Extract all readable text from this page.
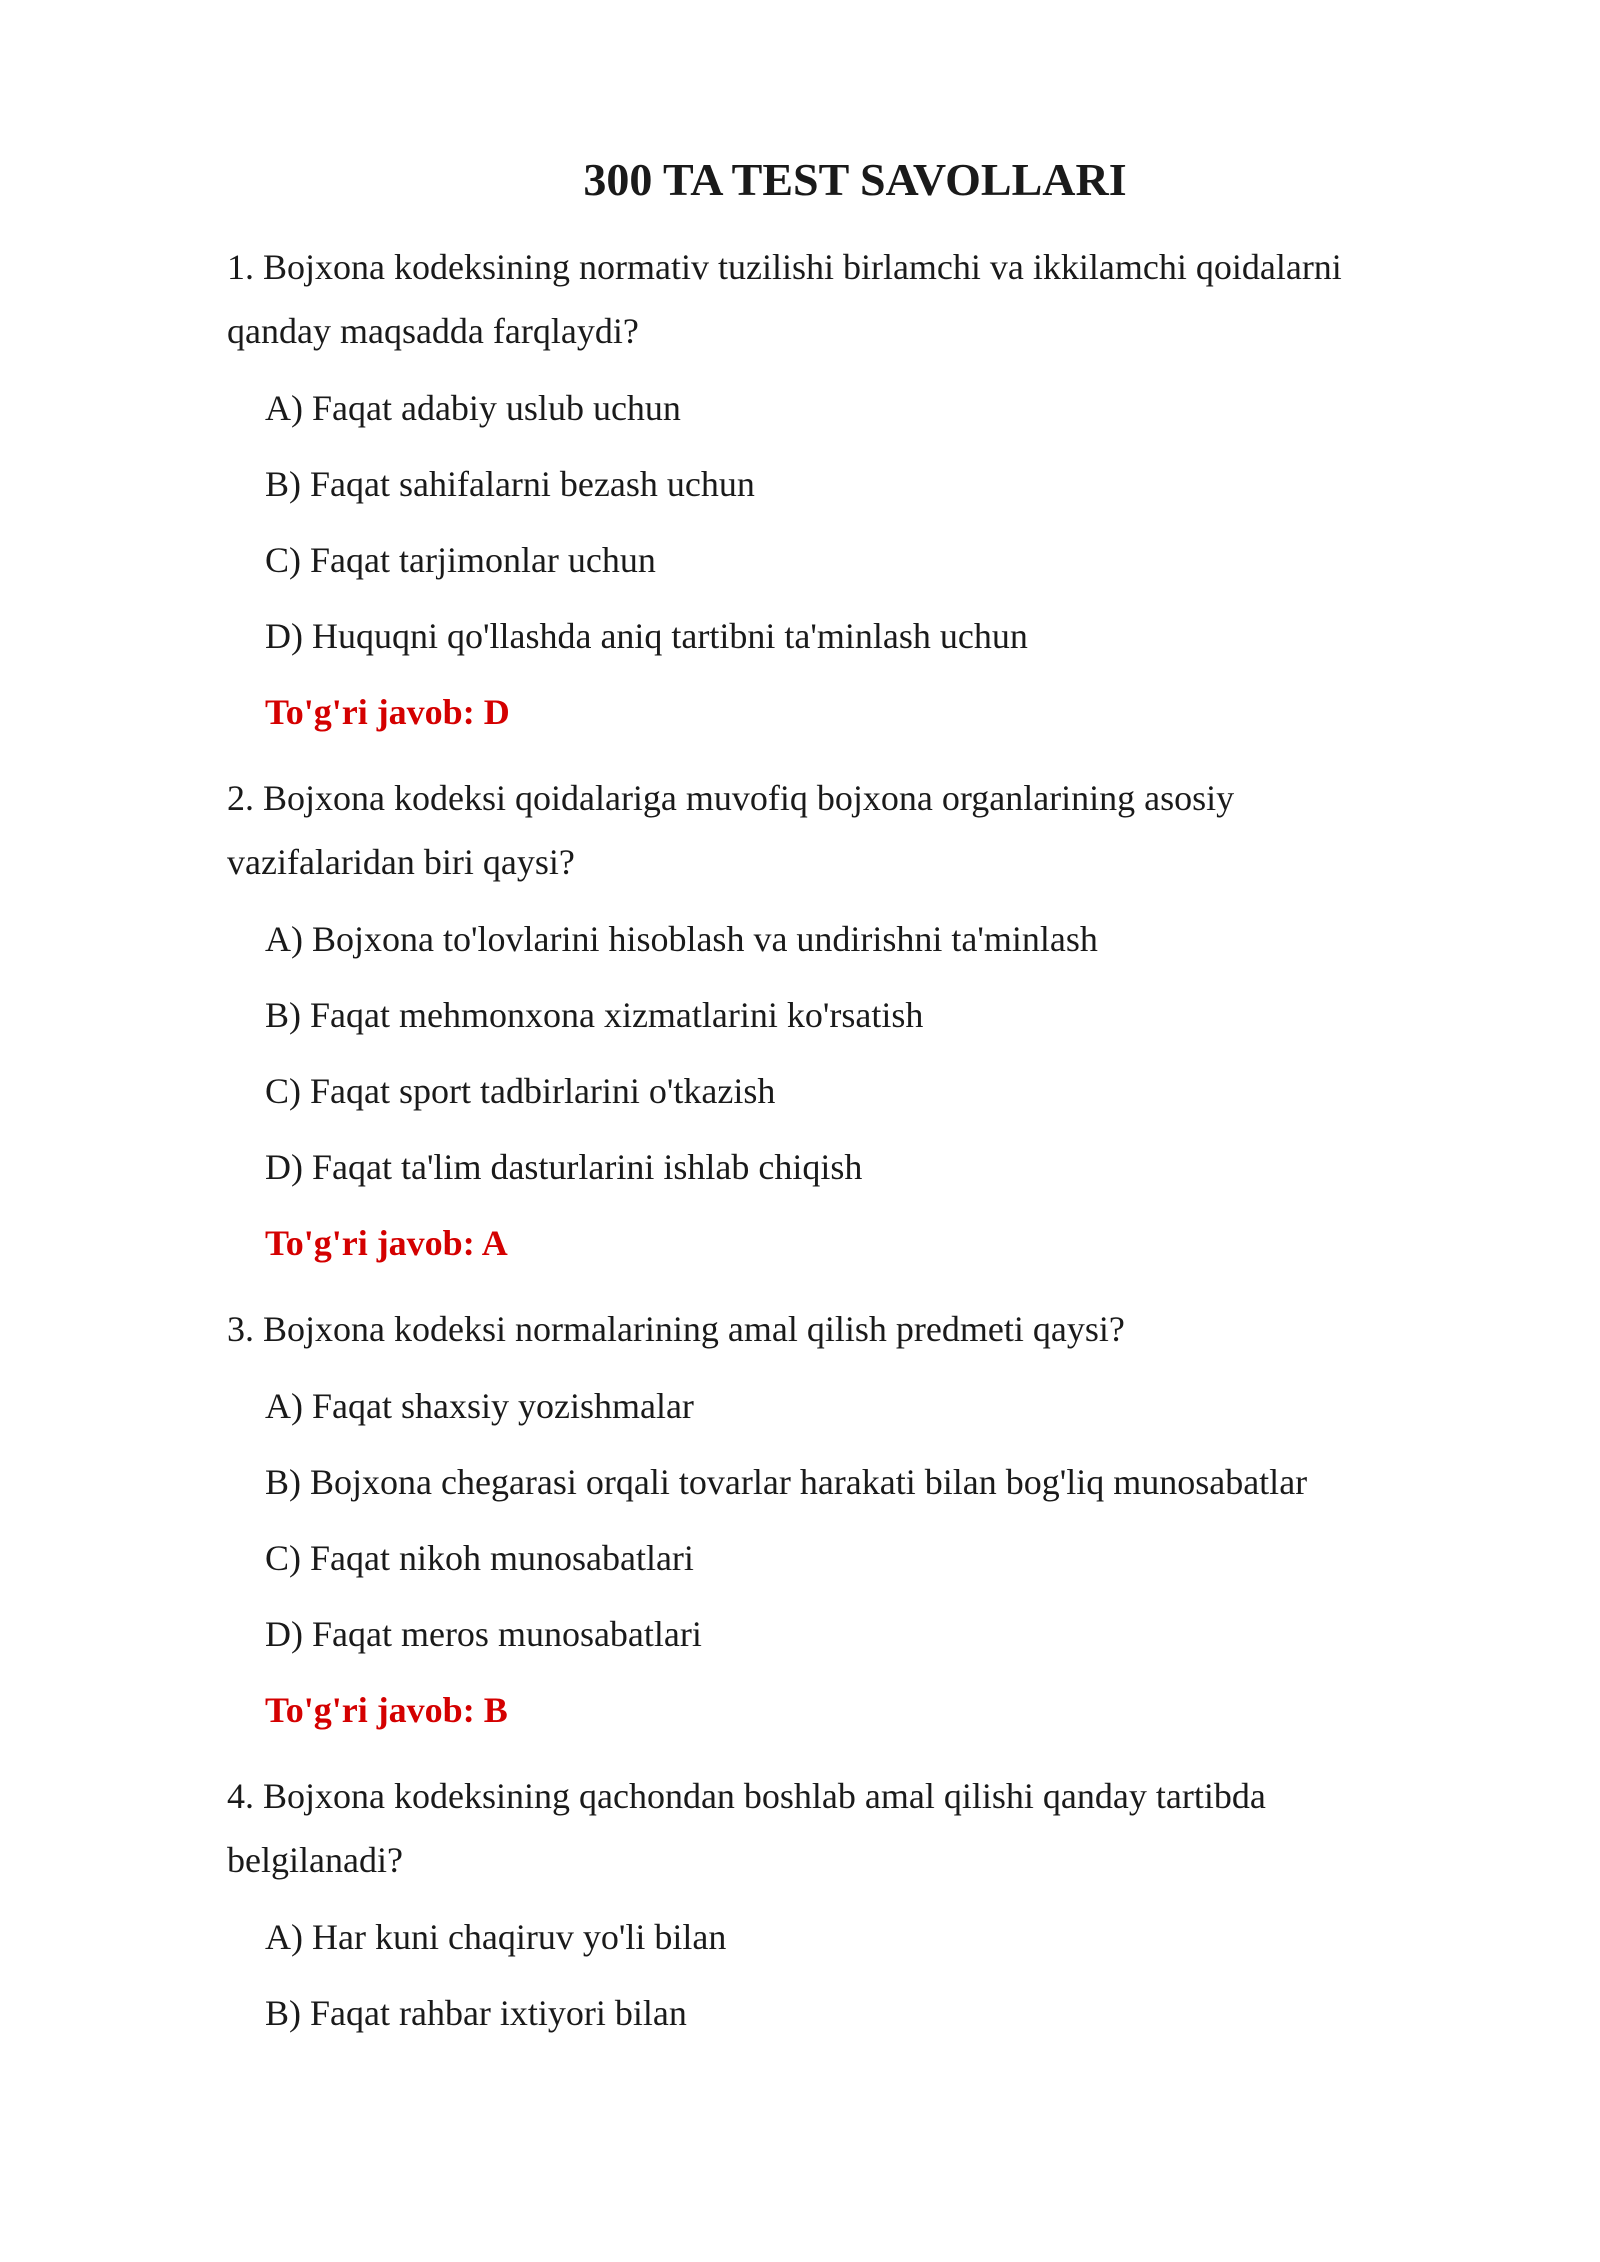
300 TA TEST SAVOLLARI

1. Bojxona kodeksining normativ tuzilishi birlamchi va ikkilamchi qoidalarni qanday maqsadda farqlaydi?

A) Faqat adabiy uslub uchun

B) Faqat sahifalarni bezash uchun

C) Faqat tarjimonlar uchun

D) Huquqni qo'llashda aniq tartibni ta'minlash uchun

To'g'ri javob: D

2. Bojxona kodeksi qoidalariga muvofiq bojxona organlarining asosiy vazifalaridan biri qaysi?

A) Bojxona to'lovlarini hisoblash va undirishni ta'minlash

B) Faqat mehmonxona xizmatlarini ko'rsatish

C) Faqat sport tadbirlarini o'tkazish

D) Faqat ta'lim dasturlarini ishlab chiqish

To'g'ri javob: A

3. Bojxona kodeksi normalarining amal qilish predmeti qaysi?

A) Faqat shaxsiy yozishmalar

B) Bojxona chegarasi orqali tovarlar harakati bilan bog'liq munosabatlar

C) Faqat nikoh munosabatlari

D) Faqat meros munosabatlari

To'g'ri javob: B

4. Bojxona kodeksining qachondan boshlab amal qilishi qanday tartibda belgilanadi?

A) Har kuni chaqiruv yo'li bilan

B) Faqat rahbar ixtiyori bilan
